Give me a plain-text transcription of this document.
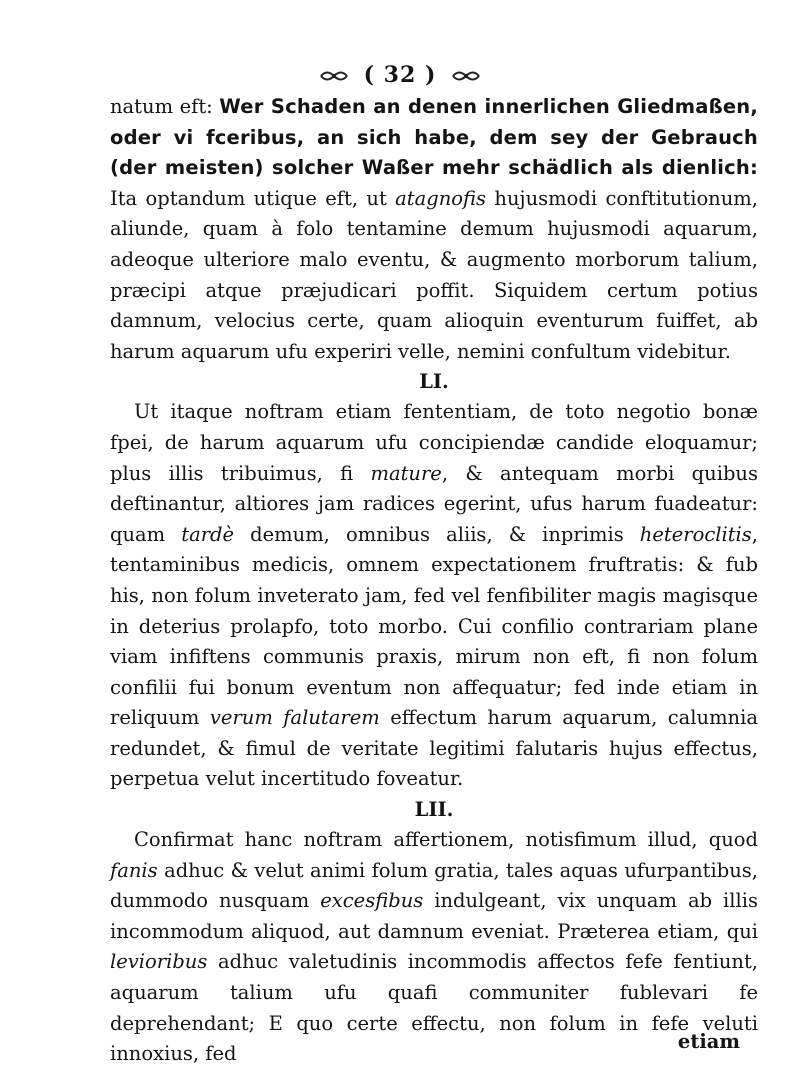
( 32 )

natum eft: Wer Schaden an denen innerlichen Gliedmaßen, oder vi fceribus, an sich habe, dem sey der Gebrauch (der meisten) solcher Waßer mehr schädlich als dienlich: Ita optandum utique eft, ut atagnofis hujusmodi conftitutionum, aliunde, quam à folo tentamine demum hujusmodi aquarum, adeoque ulteriore malo eventu, & augmento morborum talium, præcipi atque præjudicari poffit. Siquidem certum potius damnum, velocius certe, quam alioquin eventurum fuiffet, ab harum aquarum ufu experiri velle, nemini confultum videbitur.

LI.

Ut itaque noftram etiam fententiam, de toto negotio bonæ fpei, de harum aquarum ufu concipiendæ candide eloquamur; plus illis tribuimus, fi mature, & antequam morbi quibus deftinantur, altiores jam radices egerint, ufus harum fuadeatur: quam tardè demum, omnibus aliis, & inprimis heteroclitis, tentaminibus medicis, omnem expectationem fruftratis: & fub his, non folum inveterato jam, fed vel fenfibiliter magis magisque in deterius prolapfo, toto morbo. Cui confilio contrariam plane viam infiftens communis praxis, mirum non eft, fi non folum confilii fui bonum eventum non affequatur; fed inde etiam in reliquum verum falutarem effectum harum aquarum, calumnia redundet, & fimul de veritate legitimi falutaris hujus effectus, perpetua velut incertitudo foveatur.

LII.

Confirmat hanc noftram affertionem, notisfimum illud, quod fanis adhuc & velut animi folum gratia, tales aquas ufurpantibus, dummodo nusquam excesfibus indulgeant, vix unquam ab illis incommodum aliquod, aut damnum eveniat. Præterea etiam, qui levioribus adhuc valetudinis incommodis affectos fefe fentiunt, aquarum talium ufu quafi communiter fublevari fe deprehendant; E quo certe effectu, non folum in fefe veluti innoxius, fed

etiam
